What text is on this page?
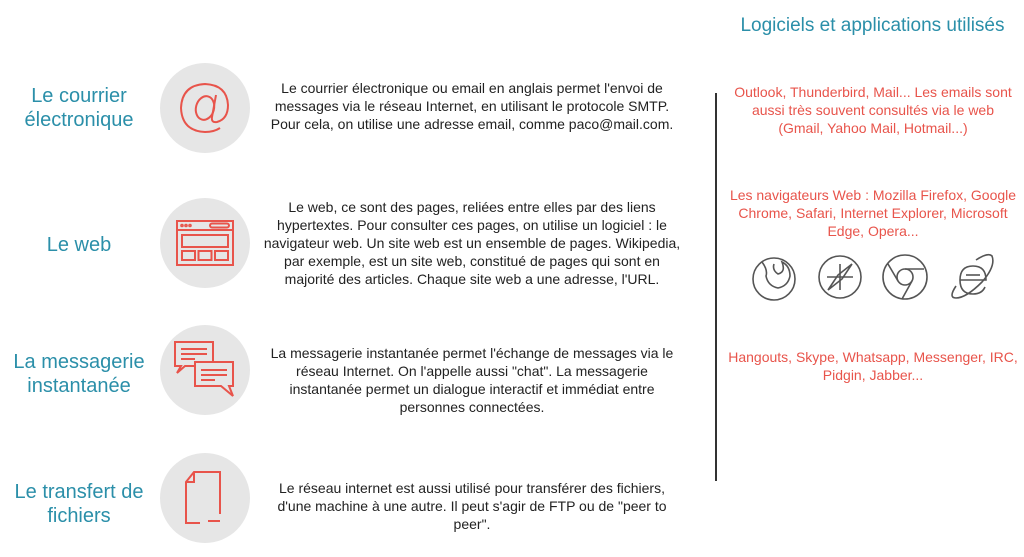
Le courrier électronique
Le courrier électronique ou email en anglais permet l'envoi de messages via le réseau Internet, en utilisant le protocole SMTP. Pour cela, on utilise une adresse email, comme paco@mail.com.
Le web
Le web, ce sont des pages, reliées entre elles par des liens hypertextes. Pour consulter ces pages, on utilise un logiciel : le navigateur web. Un site web est un ensemble de pages. Wikipedia, par exemple, est un site web, constitué de pages qui sont en majorité des articles. Chaque site web a une adresse, l'URL.
La messagerie instantanée
La messagerie instantanée permet l'échange de messages via le réseau Internet. On l'appelle aussi "chat". La messagerie instantanée permet un dialogue interactif et immédiat entre personnes connectées.
Le transfert de fichiers
Le réseau internet est aussi utilisé pour transférer des fichiers, d'une machine à une autre. Il peut s'agir de FTP ou de "peer to peer".
Logiciels et applications utilisés
Outlook, Thunderbird, Mail... Les emails sont aussi très souvent consultés via le web (Gmail, Yahoo Mail, Hotmail...)
Les navigateurs Web : Mozilla Firefox, Google Chrome, Safari, Internet Explorer, Microsoft Edge, Opera...
Hangouts, Skype, Whatsapp, Messenger, IRC, Pidgin, Jabber...
